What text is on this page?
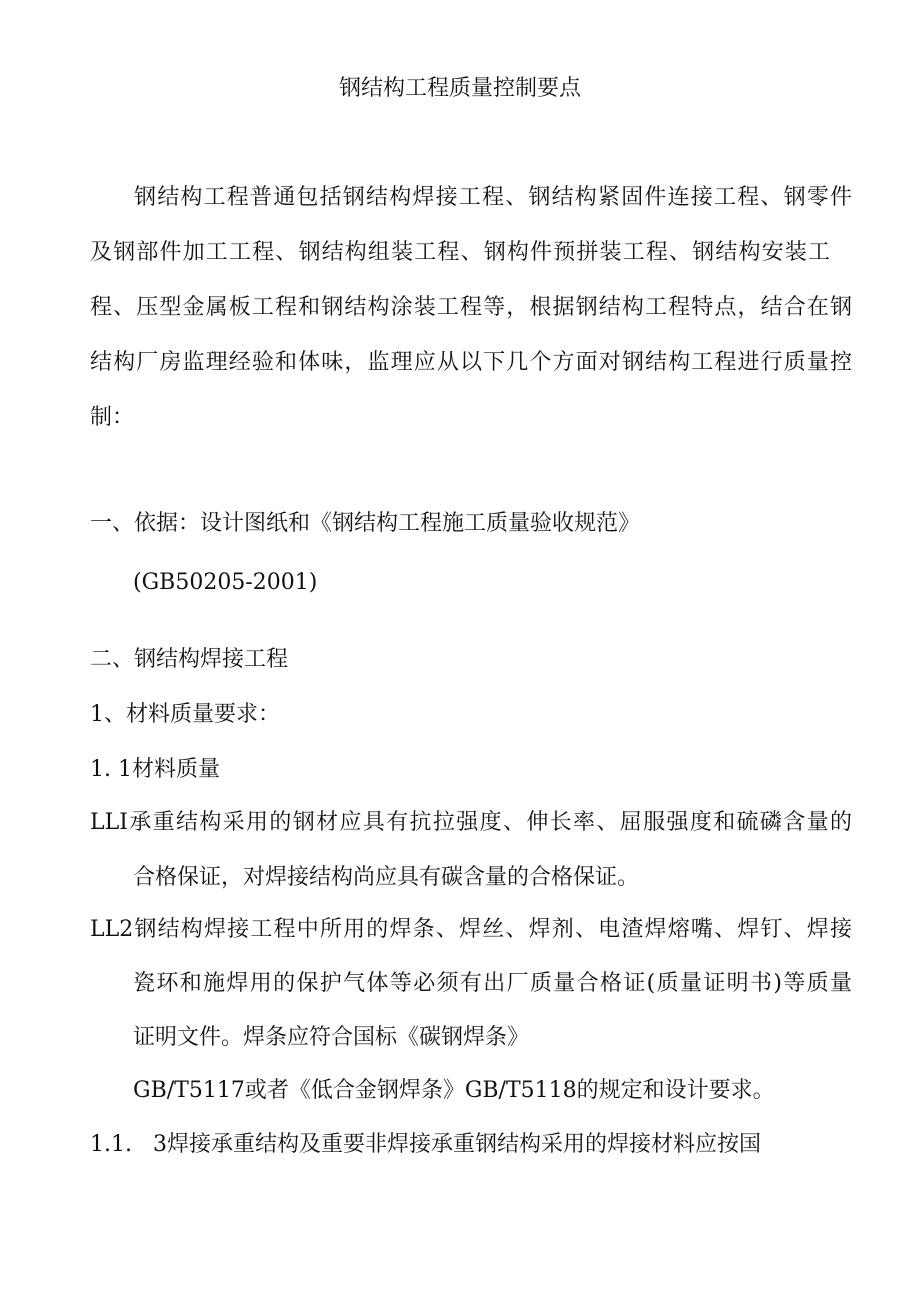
钢结构工程质量控制要点
钢结构工程普通包括钢结构焊接工程、钢结构紧固件连接工程、钢零件
及钢部件加工工程、钢结构组装工程、钢构件预拼装工程、钢结构安装工
程、压型金属板工程和钢结构涂装工程等，根据钢结构工程特点，结合在钢
结构厂房监理经验和体味，监理应从以下几个方面对钢结构工程进行质量控
制：
一、依据：设计图纸和《钢结构工程施工质量验收规范》
(GB50205-2001)
二、钢结构焊接工程
1、材料质量要求：
1. 1材料质量
LLI承重结构采用的钢材应具有抗拉强度、伸长率、屈服强度和硫磷含量的
合格保证，对焊接结构尚应具有碳含量的合格保证。
LL2钢结构焊接工程中所用的焊条、焊丝、焊剂、电渣焊熔嘴、焊钉、焊接
瓷环和施焊用的保护气体等必须有出厂质量合格证(质量证明书)等质量
证明文件。焊条应符合国标《碳钢焊条》
GB/T5117或者《低合金钢焊条》GB/T5118的规定和设计要求。
1.1.   3焊接承重结构及重要非焊接承重钢结构采用的焊接材料应按国
